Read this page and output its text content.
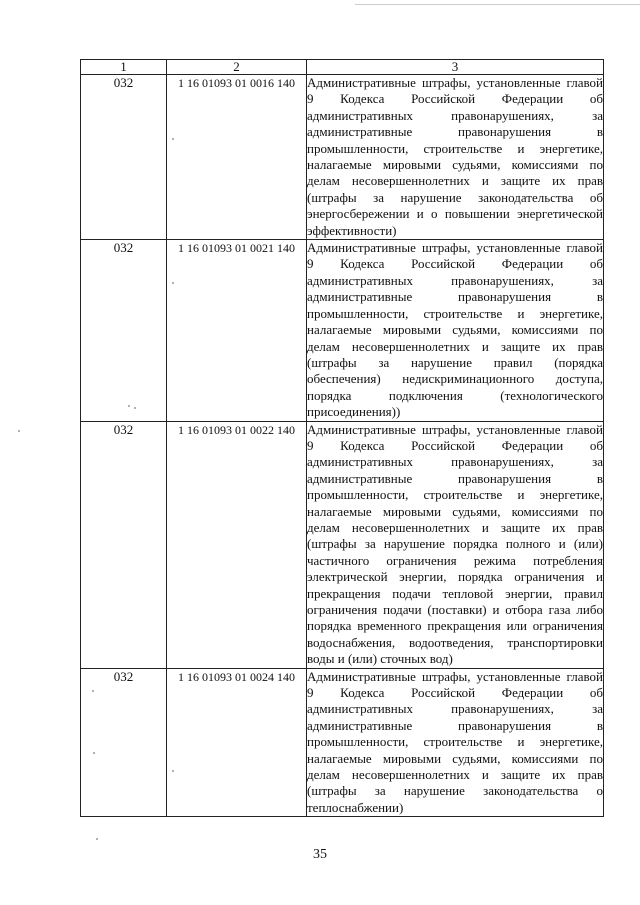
1	2	3
032	1 16 01093 01 0016 140	Административные штрафы, установленные главой 9 Кодекса Российской Федерации об административных правонарушениях, за административные правонарушения в промышленности, строительстве и энергетике, налагаемые мировыми судьями, комиссиями по делам несовершеннолетних и защите их прав (штрафы за нарушение законодательства об энергосбережении и о повышении энергетической эффективности)
032	1 16 01093 01 0021 140	Административные штрафы, установленные главой 9 Кодекса Российской Федерации об административных правонарушениях, за административные правонарушения в промышленности, строительстве и энергетике, налагаемые мировыми судьями, комиссиями по делам несовершеннолетних и защите их прав (штрафы за нарушение правил (порядка обеспечения) недискриминационного доступа, порядка подключения (технологического присоединения))
032	1 16 01093 01 0022 140	Административные штрафы, установленные главой 9 Кодекса Российской Федерации об административных правонарушениях, за административные правонарушения в промышленности, строительстве и энергетике, налагаемые мировыми судьями, комиссиями по делам несовершеннолетних и защите их прав (штрафы за нарушение порядка полного и (или) частичного ограничения режима потребления электрической энергии, порядка ограничения и прекращения подачи тепловой энергии, правил ограничения подачи (поставки) и отбора газа либо порядка временного прекращения или ограничения водоснабжения, водоотведения, транспортировки воды и (или) сточных вод)
032	1 16 01093 01 0024 140	Административные штрафы, установленные главой 9 Кодекса Российской Федерации об административных правонарушениях, за административные правонарушения в промышленности, строительстве и энергетике, налагаемые мировыми судьями, комиссиями по делам несовершеннолетних и защите их прав (штрафы за нарушение законодательства о теплоснабжении)
35
